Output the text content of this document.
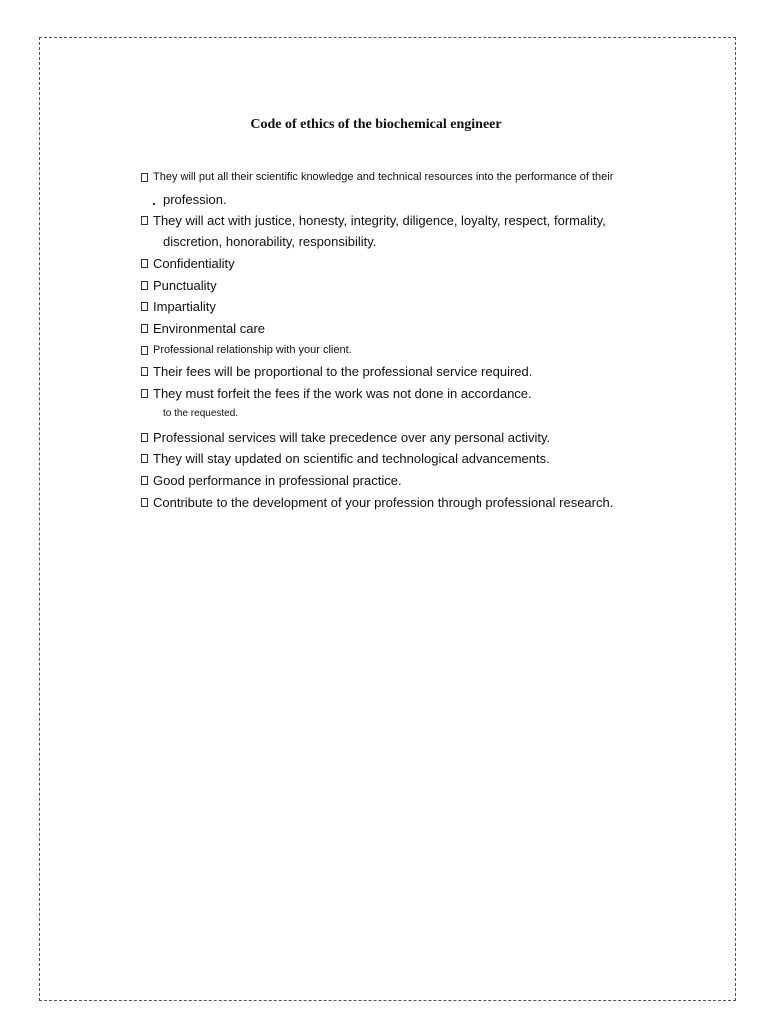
Code of ethics of the biochemical engineer
They will put all their scientific knowledge and technical resources into the performance of their
profession.
They will act with justice, honesty, integrity, diligence, loyalty, respect, formality,
discretion, honorability, responsibility.
Confidentiality
Punctuality
Impartiality
Environmental care
Professional relationship with your client.
Their fees will be proportional to the professional service required.
They must forfeit the fees if the work was not done in accordance.
to the requested.
Professional services will take precedence over any personal activity.
They will stay updated on scientific and technological advancements.
Good performance in professional practice.
Contribute to the development of your profession through professional research.
